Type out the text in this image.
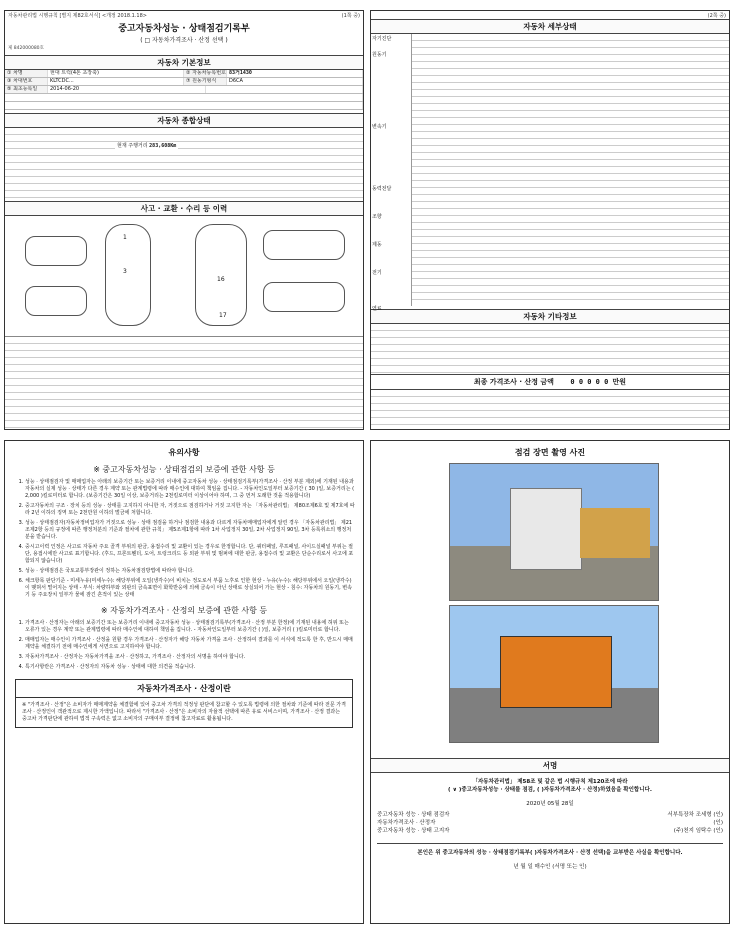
자동차관리법 시행규칙 [별지 제82호서식] <개정 2018.1.18>	(1쪽 중)
중고자동차성능 · 상태점검기록부
( □ 자동차가격조사 · 산정 선택 )
제 842000080호
자동차 기본정보
① 차명	현대 트럭(4톤 초장축)	② 자동차등록번호 83거1430
③ 차대번호	KLTCDC...	⑦ 원동기형식	D6CA
⑤ 최초등록일	2014-06-20
자동차 종합상태
현재 주행거리 283,608Km
사고 · 교환 · 수리 등 이력
1
3
16
17
(2쪽 중)
자동차 세부상태
자기진단
원동기
변속기
동력전달
조향
제동
전기
연료
자동차 기타정보
최종 가격조사 · 산정 금액 0 0 0 0 0 만원
유의사항
※ 중고자동차성능 · 상태점검의 보증에 관한 사항 등
1. 성능 · 상태점검자 및 매매업자는 아래의 보증기간 또는 보증거리 이내에 중고자동차 성능 · 상태점검기록부(가격조사 · 산정 부분 제외)에 기재된 내용과 자동차의 실제 성능 · 상태가 다른 경우 계약 또는 관계법령에 따라 매수인에 대하여 책임을 집니다. - 자동차인도일부터 보증기간 ( 30 )일, 보증거리는 ( 2,000 )킬로미터로 합니다. (보증기간은 30일 이상, 보증거리는 2천킬로미터 이상이어야 하며, 그 중 먼저 도래한 것을 적용합니다)
2. 중고자동차의 구조 · 장치 등의 성능 · 상태를 고지하지 아니한 자, 거짓으로 점검하거나 거짓 고지한 자는 「자동차관리법」 제80조제6호 및 제7호에 따라 2년 이하의 징역 또는 2천만원 이하의 벌금에 처합니다.
3. 성능 · 상태점검자(자동차정비업자가 거짓으로 성능 · 상태 점검을 하거나 점검한 내용과 다르게 자동차매매업자에게 알린 경우 「자동차관리법」 제21조제2항 등의 규정에 따른 행정처분의 기준과 절차에 관한 규칙」 제5조제1항에 따라 1차 사업정지 30일, 2차 사업정지 90일, 3차 등록취소의 행정처분을 받습니다.
4. 중시고이력 인정은 사고로 자동차 주요 골격 부위의 판금, 용접수리 및 교환이 있는 경우로 한정합니다. 단, 쿼터패널, 루프패널, 사이드실패널 부위는 절단, 용접시에만 사고로 표기합니다. (후드, 프론트휀더, 도어, 트렁크리드 등 외판 부위 및 범퍼에 대한 판금, 용접수리 및 교환은 단순수리로서 사고에 포함되지 않습니다)
5. 성능 · 상태점검은 국토교통부장관이 정하는 자동차점검방법에 따라야 합니다.
6. 체크항목 판단기준 - 미세누유(미세누수): 해당부위에 오일(냉각수)이 비치는 정도로서 부품 노후로 인한 현상 - 누유(누수): 해당부위에서 오일(냉각수)이 맺혀서 떨어지는 상태 - 부식: 차량하부와 외판의 금속표면이 화학반응에 의해 금속이 아닌 상태로 상실되어 가는 현상 - 침수: 자동차의 원동기, 변속기 등 주요장치 일부가 물에 잠긴 흔적이 있는 상태
※ 자동차가격조사 · 산정의 보증에 관한 사항 등
1. 가격조사 · 산정자는 아래의 보증기간 또는 보증거리 이내에 중고자동차 성능 · 상태점검기록부(가격조사 · 산정 부분 한정)에 기재된 내용에 허위 또는 오류가 있는 경우 계약 또는 관계법령에 따라 매수인에 대하여 책임을 집니다. - 자동차인도일부터 보증기간 ( )일, 보증거리 ( )킬로미터로 합니다.
2. 매매업자는 매수인이 가격조사 · 산정을 원할 경우 가격조사 · 산정자가 해당 자동차 가격을 조사 · 산정하여 결과를 이 서식에 적도록 한 후, 반드시 매매계약을 체결하기 전에 매수인에게 서면으로 고지하여야 합니다.
3. 자동차가격조사 · 산정자는 자동차가격을 조사 · 산정하고, 가격조사 · 산정자의 서명을 하여야 합니다.
4. 특기사항란은 가격조사 · 산정자의 자동차 성능 · 상태에 대한 의견을 적습니다.
자동차가격조사 · 산정이란
※ "가격조사 · 산정"은 소비자가 매매계약을 체결함에 있어 중고차 가격의 적정성 판단에 참고할 수 있도록 법령에 의한 절차와 기준에 따라 전문 가격조사 · 산정인이 객관적으로 제시한 가액입니다. 따라서 "가격조사 · 산정"은 소비자의 자율적 선택에 따른 유료 서비스이며, 가격조사 · 산정 결과는 중고차 가격판단에 관하여 법적 구속력은 없고 소비자의 구매여부 결정에 참고자료로 활용됩니다.
점검 장면 촬영 사진
서명
「자동차관리법」 제58조 및 같은 법 시행규칙 제120조에 따라
( ∨ )중고자동차성능 · 상태를 점검, ( )자동차가격조사 · 산정)하였음을 확인합니다.
2020년 05월 28일
중고자동차 성능 · 상태 점검자	서부특장차 조세형 (인)
자동차가격조사 · 산정자	(인)
중고자동차 성능 · 상태 고지자	(주)천지 임탁수 (인)
본인은 위 중고자동차의 성능 · 상태점검기록부( )자동차가격조사 · 산정 선택)을 교부받은 사실을 확인합니다.
년 월 일 매수인 (서명 또는 인)
